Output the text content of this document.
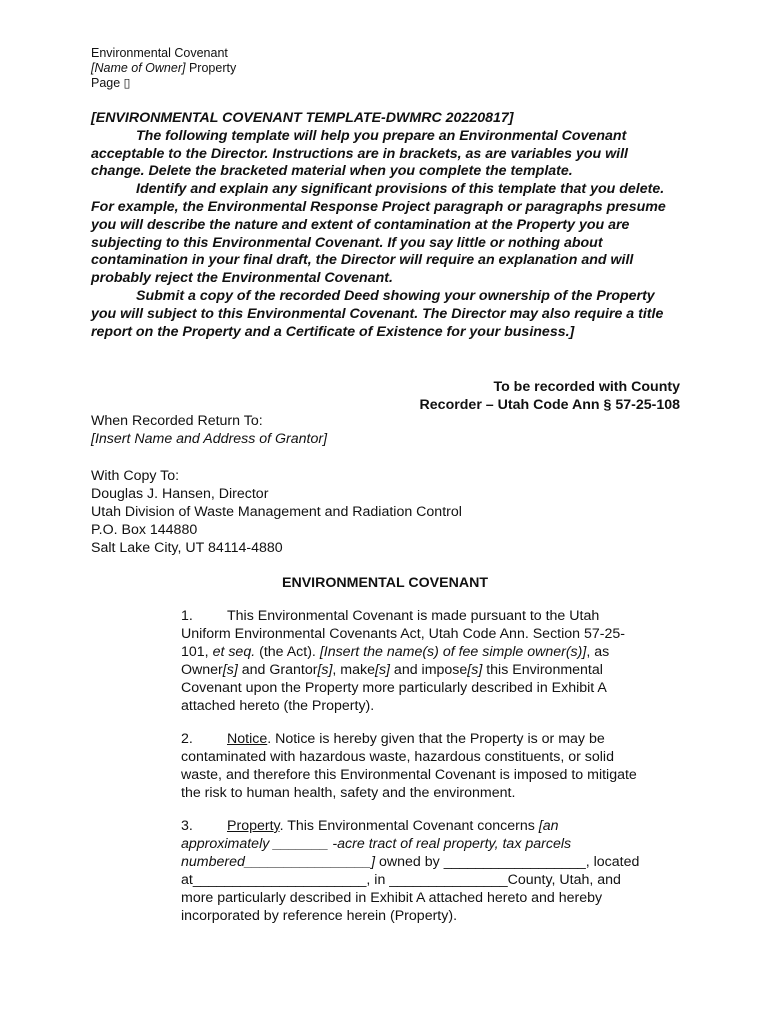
Environmental Covenant
[Name of Owner] Property
Page ▯

[ENVIRONMENTAL COVENANT TEMPLATE-DWMRC 20220817]

The following template will help you prepare an Environmental Covenant acceptable to the Director. Instructions are in brackets, as are variables you will change. Delete the bracketed material when you complete the template.

Identify and explain any significant provisions of this template that you delete. For example, the Environmental Response Project paragraph or paragraphs presume you will describe the nature and extent of contamination at the Property you are subjecting to this Environmental Covenant. If you say little or nothing about contamination in your final draft, the Director will require an explanation and will probably reject the Environmental Covenant.

Submit a copy of the recorded Deed showing your ownership of the Property you will subject to this Environmental Covenant. The Director may also require a title report on the Property and a Certificate of Existence for your business.]

To be recorded with County
Recorder – Utah Code Ann § 57-25-108
When Recorded Return To:
[Insert Name and Address of Grantor]
With Copy To:
Douglas J. Hansen, Director
Utah Division of Waste Management and Radiation Control
P.O. Box 144880
Salt Lake City, UT 84114-4880
ENVIRONMENTAL COVENANT
1. This Environmental Covenant is made pursuant to the Utah
Uniform Environmental Covenants Act, Utah Code Ann. Section 57-25-
101, et seq. (the Act). [Insert the name(s) of fee simple owner(s)], as
Owner[s] and Grantor[s], make[s] and impose[s] this Environmental
Covenant upon the Property more particularly described in Exhibit A
attached hereto (the Property).
2. Notice. Notice is hereby given that the Property is or may be
contaminated with hazardous waste, hazardous constituents, or solid
waste, and therefore this Environmental Covenant is imposed to mitigate
the risk to human health, safety and the environment.
3. Property. This Environmental Covenant concerns [an
approximately _______ -acre tract of real property, tax parcels
numbered________________] owned by __________________, located
at______________________, in _______________County, Utah, and
more particularly described in Exhibit A attached hereto and hereby
incorporated by reference herein (Property).
